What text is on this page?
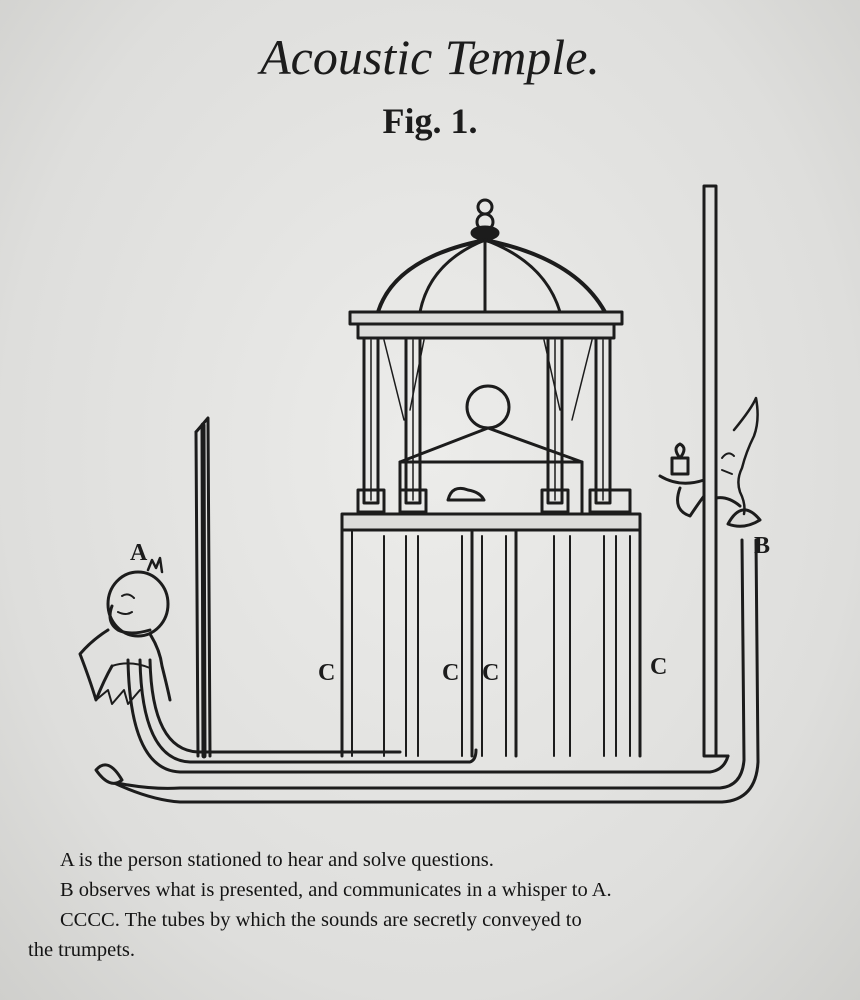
Acoustic Temple.
Fig. 1.
A	B
C	C C	C
A is the person stationed to hear and solve questions.
B observes what is presented, and communicates in a whisper to A.
CCCC. The tubes by which the sounds are secretly conveyed to
the trumpets.
